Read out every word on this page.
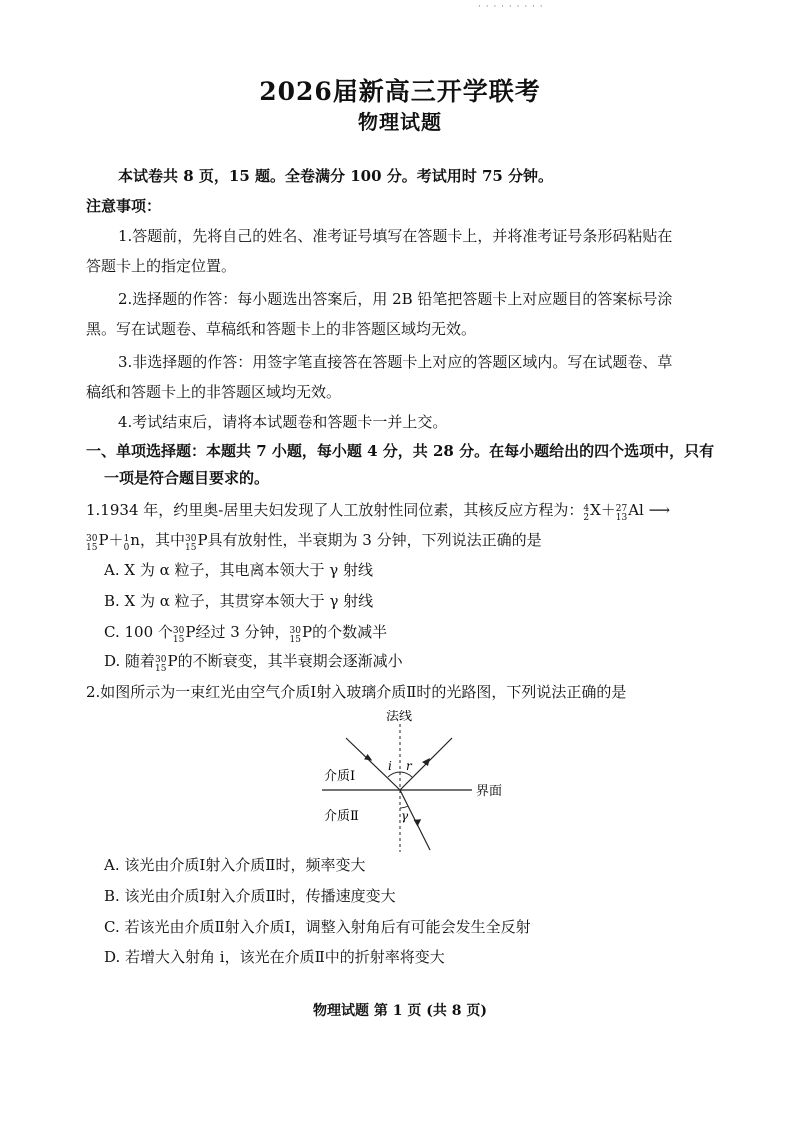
· · · · · · · · ·
2026届新高三开学联考
物理试题
本试卷共 8 页，15 题。全卷满分 100 分。考试用时 75 分钟。
注意事项：
1.答题前，先将自己的姓名、准考证号填写在答题卡上，并将准考证号条形码粘贴在
答题卡上的指定位置。
2.选择题的作答：每小题选出答案后，用 2B 铅笔把答题卡上对应题目的答案标号涂
黑。写在试题卷、草稿纸和答题卡上的非答题区域均无效。
3.非选择题的作答：用签字笔直接答在答题卡上对应的答题区域内。写在试题卷、草
稿纸和答题卡上的非答题区域均无效。
4.考试结束后，请将本试题卷和答题卡一并上交。
一、单项选择题：本题共 7 小题，每小题 4 分，共 28 分。在每小题给出的四个选项中，只有
一项是符合题目要求的。
1.1934 年，约里奥-居里夫妇发现了人工放射性同位素，其核反应方程为： 4
2 X＋ 27
13 Al ⟶
30
15 P＋ 1
0 n，其中 30
15 P具有放射性，半衰期为 3 分钟，下列说法正确的是
A. X 为 α 粒子，其电离本领大于 γ 射线
B. X 为 α 粒子，其贯穿本领大于 γ 射线
C. 100 个 30
15 P经过 3 分钟， 30
15 P的个数减半
D. 随着 30
15 P的不断衰变，其半衰期会逐渐减小
2.如图所示为一束红光由空气介质Ⅰ射入玻璃介质Ⅱ时的光路图，下列说法正确的是
法线
界面
介质Ⅰ
介质Ⅱ
i r
γ
A. 该光由介质Ⅰ射入介质Ⅱ时，频率变大
B. 该光由介质Ⅰ射入介质Ⅱ时，传播速度变大
C. 若该光由介质Ⅱ射入介质Ⅰ，调整入射角后有可能会发生全反射
D. 若增大入射角 i，该光在介质Ⅱ中的折射率将变大
物理试题 第 1 页 (共 8 页)
